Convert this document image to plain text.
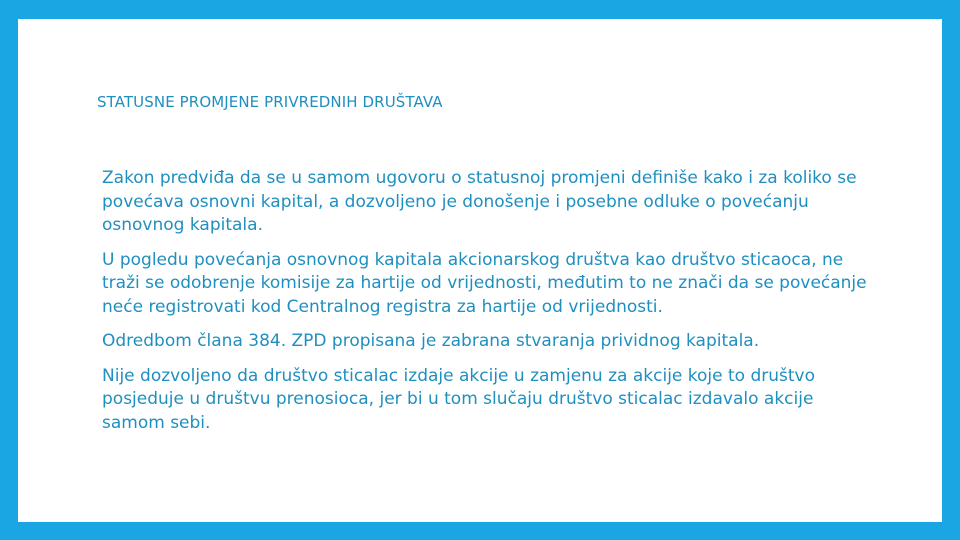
STATUSNE PROMJENE PRIVREDNIH DRUŠTAVA

Zakon predviđa da se u samom ugovoru o statusnoj promjeni definiše kako i za koliko se povećava osnovni kapital, a dozvoljeno je donošenje i posebne odluke o povećanju osnovnog kapitala.

U pogledu povećanja osnovnog kapitala akcionarskog društva kao društvo sticaoca, ne traži se odobrenje komisije za hartije od vrijednosti, međutim to ne znači da se povećanje neće registrovati kod Centralnog registra za hartije od vrijednosti.

Odredbom člana 384. ZPD propisana je zabrana stvaranja prividnog kapitala.

Nije dozvoljeno da društvo sticalac izdaje akcije u zamjenu za akcije koje to društvo posjeduje u društvu prenosioca, jer bi u tom slučaju društvo sticalac izdavalo akcije samom sebi.
